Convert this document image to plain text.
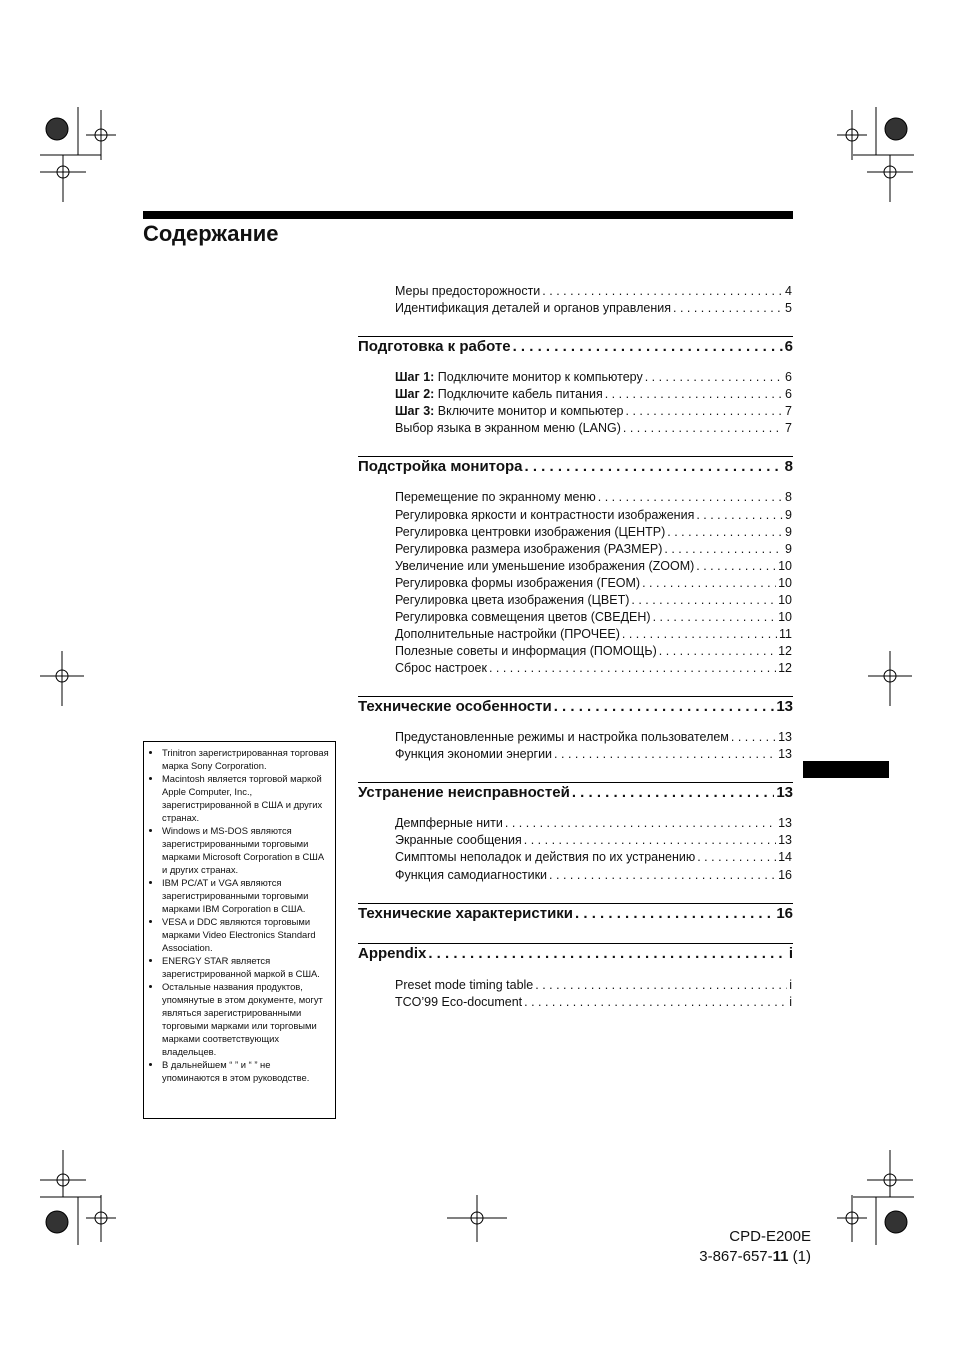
Содержание
Меры предосторожности . . .	4
Идентификация деталей и органов управления . . .	5
Подготовка к работе . . .	6
Шаг 1: Подключите монитор к компьютеру . . .	6
Шаг 2: Подключите кабель питания . . .	6
Шаг 3: Включите монитор и компьютер . . .	7
Выбор языка в экранном меню (LANG) . . .	7
Подстройка монитора . . .	8
Перемещение по экранному меню . . .	8
Регулировка яркости и контрастности изображения . . .	9
Регулировка центровки изображения (ЦЕНТР) . . .	9
Регулировка размера изображения (РАЗМЕР) . . .	9
Увеличение или уменьшение изображения (ZOOM) . . .	10
Регулировка формы изображения (ГЕОМ) . . .	10
Регулировка цвета изображения (ЦВЕТ) . . .	10
Регулировка совмещения цветов (СВЕДЕН) . . .	10
Дополнительные настройки (ПРОЧЕЕ) . . .	11
Полезные советы и информация (ПОМОЩЬ) . . .	12
Сброс настроек . . .	12
Технические особенности . . .	13
Предустановленные режимы и настройка пользователем . . .	13
Функция экономии энергии . . .	13
Устранение неисправностей . . .	13
Демпферные нити . . .	13
Экранные сообщения . . .	13
Симптомы неполадок и действия по их устранению . . .	14
Функция самодиагностики . . .	16
Технические характеристики . . .	16
Appendix . . .	i
Preset mode timing table . . .	i
TCO’99 Eco-document . . .	i
• Trinitron зарегистрированная торговая марка Sony Corporation.
• Macintosh является торговой маркой Apple Computer, Inc., зарегистрированной в США и других странах.
• Windows и MS-DOS являются зарегистрированными торговыми марками Microsoft Corporation в США и других странах.
• IBM PC/AT и VGA являются зарегистрированными торговыми марками IBM Corporation в США.
• VESA и DDC являются торговыми марками Video Electronics Standard Association.
• ENERGY STAR является зарегистрированной маркой в США.
• Остальные названия продуктов, упомянутые в этом документе, могут являться зарегистрированными торговыми марками или торговыми марками соответствующих владельцев.
• В дальнейшем “ ” и “ ” не упоминаются в этом руководстве.
CPD-E200E
3-867-657-11 (1)
